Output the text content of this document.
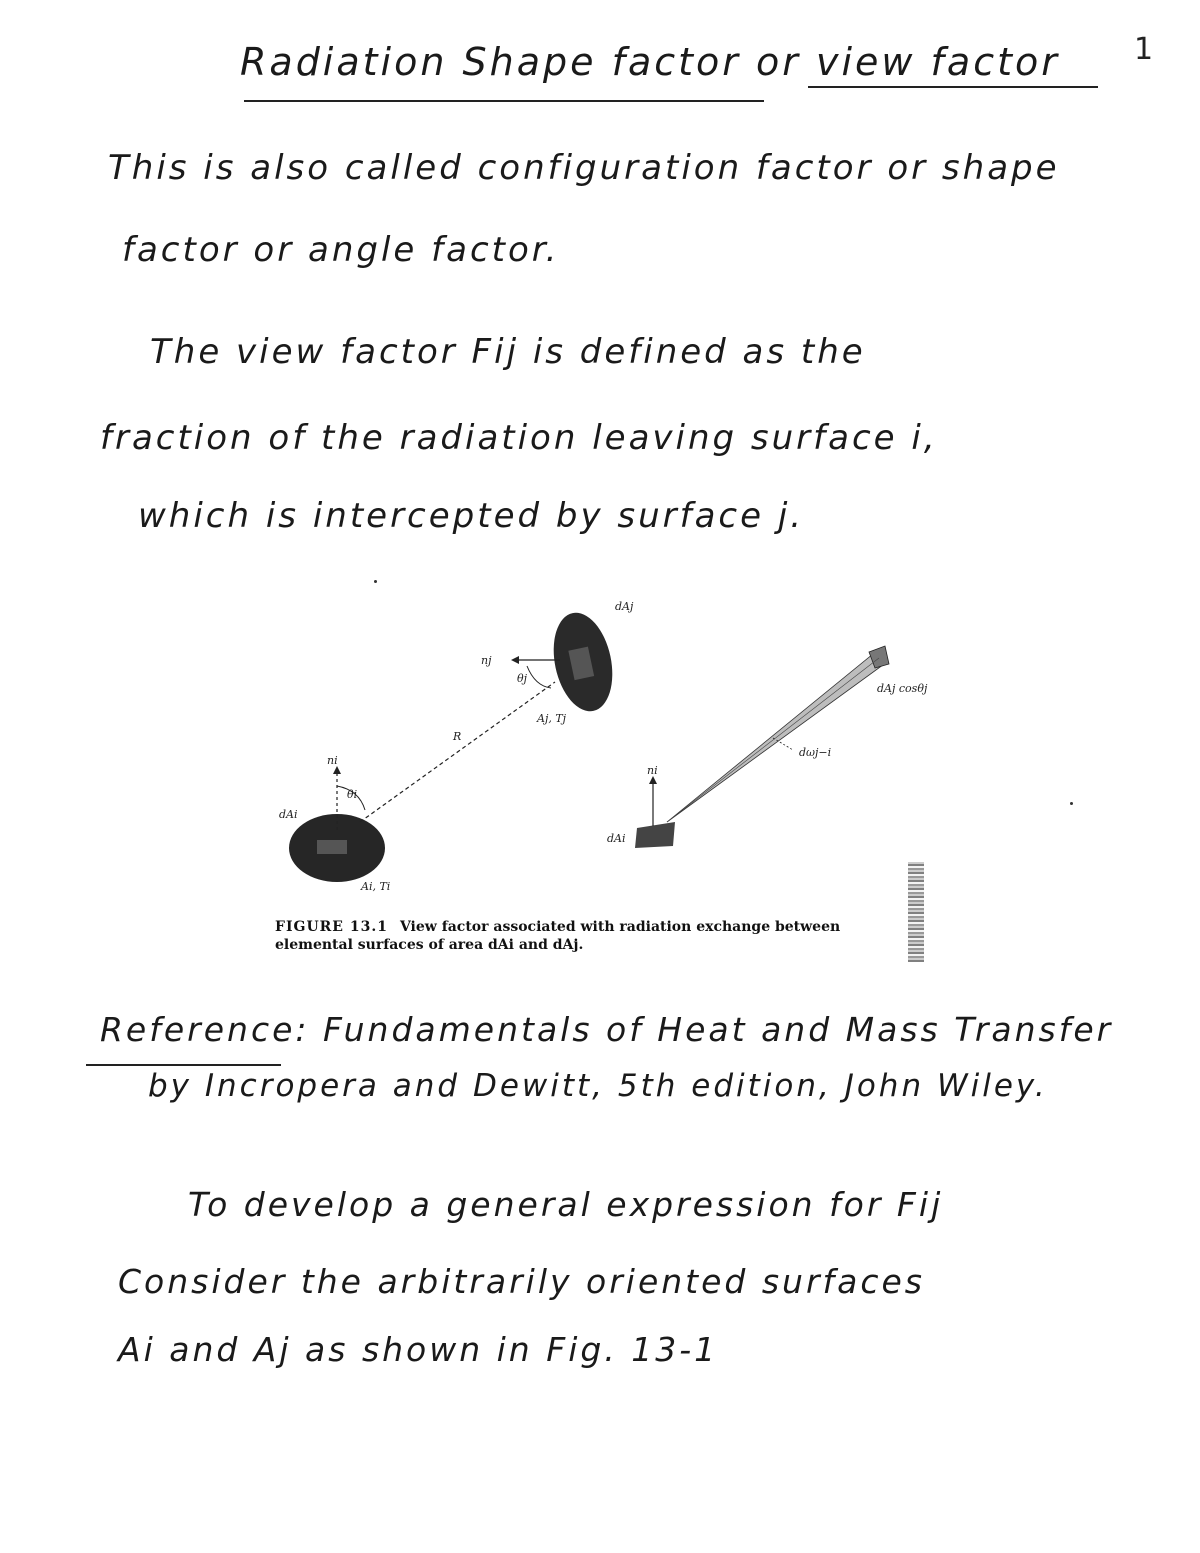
1
Radiation Shape factor or view factor
This is also called configuration factor or shape
factor or angle factor.
The view factor Fij is defined as the
fraction of the radiation leaving surface i,
which is intercepted by surface j.
dAj
nj
θj
Aj, Tj
R
ni
θi
dAi
Ai, Ti
dAj cosθj
dωj−i
ni
dAi
FIGURE 13.1 View factor associated with radiation exchange between elemental surfaces of area dAi and dAj.
Reference: Fundamentals of Heat and Mass Transfer
by Incropera and Dewitt, 5th edition, John Wiley.
To develop a general expression for Fij
Consider the arbitrarily oriented surfaces
Ai and Aj as shown in Fig. 13-1
